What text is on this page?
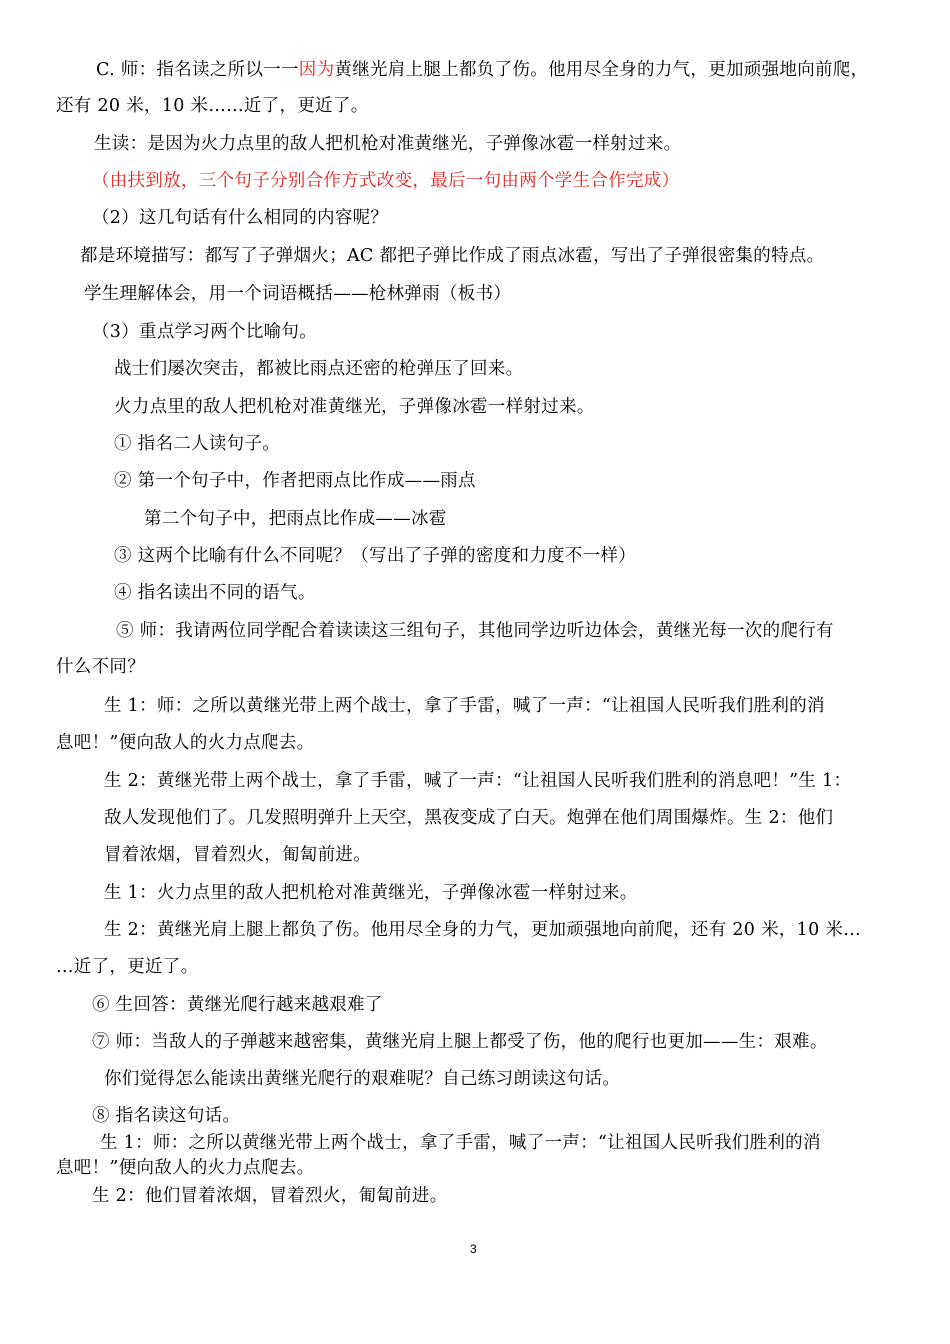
C. 师：指名读之所以一一因为黄继光肩上腿上都负了伤。他用尽全身的力气，更加顽强地向前爬，
还有 20 米，10 米……近了，更近了。
生读：是因为火力点里的敌人把机枪对准黄继光，子弹像冰雹一样射过来。
（由扶到放，三个句子分别合作方式改变，最后一句由两个学生合作完成）
（2）这几句话有什么相同的内容呢？
都是环境描写：都写了子弹烟火；AC 都把子弹比作成了雨点冰雹，写出了子弹很密集的特点。
学生理解体会，用一个词语概括——枪林弹雨（板书）
（3）重点学习两个比喻句。
战士们屡次突击，都被比雨点还密的枪弹压了回来。
火力点里的敌人把机枪对准黄继光，子弹像冰雹一样射过来。
① 指名二人读句子。
② 第一个句子中，作者把雨点比作成——雨点
第二个句子中，把雨点比作成——冰雹
③ 这两个比喻有什么不同呢？（写出了子弹的密度和力度不一样）
④ 指名读出不同的语气。
⑤ 师：我请两位同学配合着读读这三组句子，其他同学边听边体会，黄继光每一次的爬行有
什么不同？
生 1：师：之所以黄继光带上两个战士，拿了手雷，喊了一声：“让祖国人民听我们胜利的消
息吧！”便向敌人的火力点爬去。
生 2：黄继光带上两个战士，拿了手雷，喊了一声：“让祖国人民听我们胜利的消息吧！”生 1：
敌人发现他们了。几发照明弹升上天空，黑夜变成了白天。炮弹在他们周围爆炸。生 2：他们
冒着浓烟，冒着烈火，匍匐前进。
生 1：火力点里的敌人把机枪对准黄继光，子弹像冰雹一样射过来。
生 2：黄继光肩上腿上都负了伤。他用尽全身的力气，更加顽强地向前爬，还有 20 米，10 米…
…近了，更近了。
⑥ 生回答：黄继光爬行越来越艰难了
⑦ 师：当敌人的子弹越来越密集，黄继光肩上腿上都受了伤，他的爬行也更加——生：艰难。
你们觉得怎么能读出黄继光爬行的艰难呢？自己练习朗读这句话。
⑧ 指名读这句话。
生 1：师：之所以黄继光带上两个战士，拿了手雷，喊了一声：“让祖国人民听我们胜利的消
息吧！”便向敌人的火力点爬去。
生 2：他们冒着浓烟，冒着烈火，匍匐前进。
3
